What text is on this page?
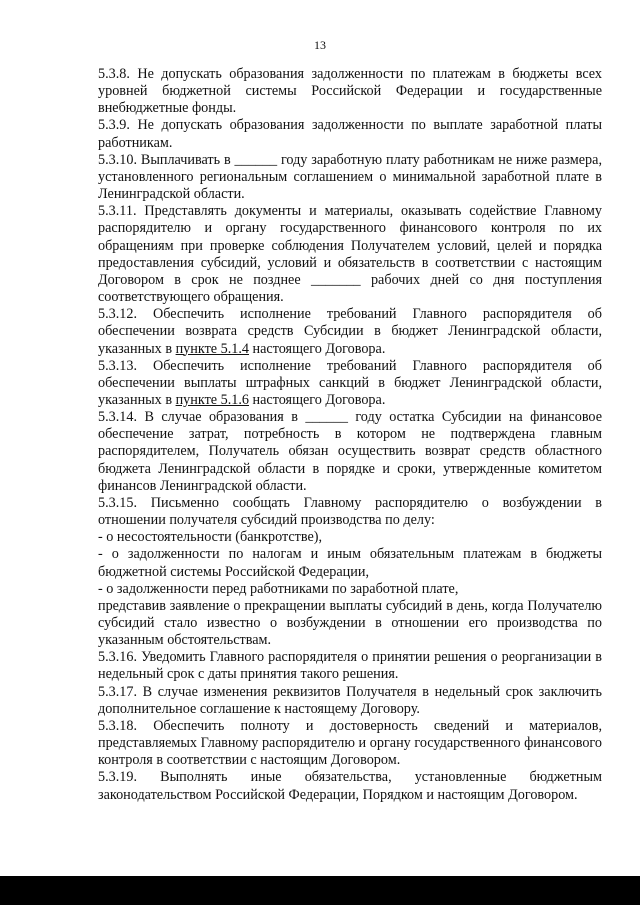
13

5.3.8. Не допускать образования задолженности по платежам в бюджеты всех уровней бюджетной системы Российской Федерации и государственные внебюджетные фонды.

5.3.9. Не допускать образования задолженности по выплате заработной платы работникам.

5.3.10. Выплачивать в ______ году заработную плату работникам не ниже размера, установленного региональным соглашением о минимальной заработной плате в Ленинградской области.

5.3.11. Представлять документы и материалы, оказывать содействие Главному распорядителю и органу государственного финансового контроля по их обращениям при проверке соблюдения Получателем условий, целей и порядка предоставления субсидий, условий и обязательств в соответствии с настоящим Договором в срок не позднее _______ рабочих дней со дня поступления соответствующего обращения.

5.3.12. Обеспечить исполнение требований Главного распорядителя об обеспечении возврата средств Субсидии в бюджет Ленинградской области, указанных в пункте 5.1.4 настоящего Договора.

5.3.13. Обеспечить исполнение требований Главного распорядителя об обеспечении выплаты штрафных санкций в бюджет Ленинградской области, указанных в пункте 5.1.6 настоящего Договора.

5.3.14. В случае образования в ______ году остатка Субсидии на финансовое обеспечение затрат, потребность в котором не подтверждена главным распорядителем, Получатель обязан осуществить возврат средств областного бюджета Ленинградской области в порядке и сроки, утвержденные комитетом финансов Ленинградской области.

5.3.15. Письменно сообщать Главному распорядителю о возбуждении в отношении получателя субсидий производства по делу:

- о несостоятельности (банкротстве),

- о задолженности по налогам и иным обязательным платежам в бюджеты бюджетной системы Российской Федерации,

- о задолженности перед работниками по заработной плате,

представив заявление о прекращении выплаты субсидий в день, когда Получателю субсидий стало известно о возбуждении в отношении его производства по указанным обстоятельствам.

5.3.16. Уведомить Главного распорядителя о принятии решения о реорганизации в недельный срок с даты принятия такого решения.

5.3.17. В случае изменения реквизитов Получателя в недельный срок заключить дополнительное соглашение к настоящему Договору.

5.3.18. Обеспечить полноту и достоверность сведений и материалов, представляемых Главному распорядителю и органу государственного финансового контроля в соответствии с настоящим Договором.

5.3.19. Выполнять иные обязательства, установленные бюджетным законодательством Российской Федерации, Порядком и настоящим Договором.
